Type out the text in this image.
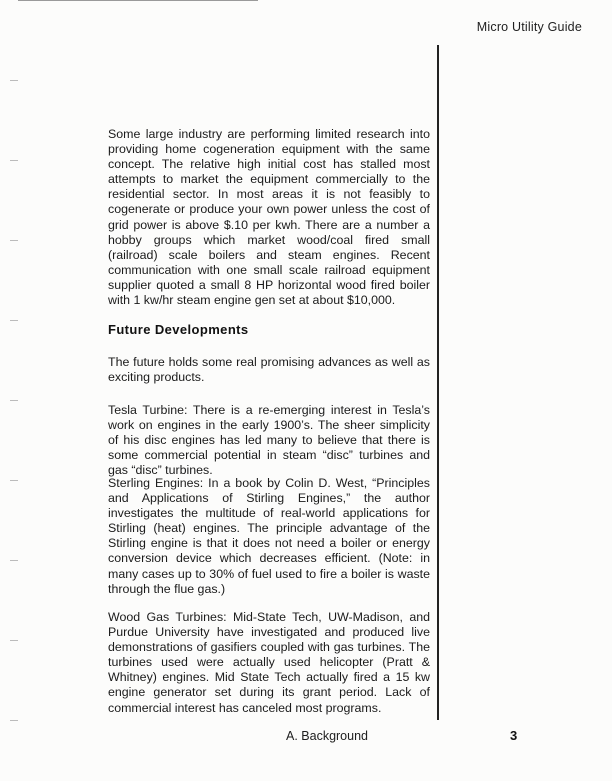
Micro Utility Guide

Some large industry are performing limited research into providing home cogeneration equipment with the same concept. The relative high initial cost has stalled most attempts to market the equipment commercially to the residential sector. In most areas it is not feasibly to cogenerate or produce your own power unless the cost of grid power is above $.10 per kwh. There are a number a hobby groups which market wood/coal fired small (railroad) scale boilers and steam engines. Recent communication with one small scale railroad equipment supplier quoted a small 8 HP horizontal wood fired boiler with 1 kw/hr steam engine gen set at about $10,000.

Future Developments

The future holds some real promising advances as well as exciting products.

Tesla Turbine: There is a re-emerging interest in Tesla’s work on engines in the early 1900’s. The sheer simplicity of his disc engines has led many to believe that there is some commercial potential in steam “disc” turbines and gas “disc” turbines.

Sterling Engines: In a book by Colin D. West, “Principles and Applications of Stirling Engines,” the author investigates the multitude of real-world applications for Stirling (heat) engines. The principle advantage of the Stirling engine is that it does not need a boiler or energy conversion device which decreases efficient. (Note: in many cases up to 30% of fuel used to fire a boiler is waste through the flue gas.)

Wood Gas Turbines: Mid-State Tech, UW-Madison, and Purdue University have investigated and produced live demonstrations of gasifiers coupled with gas turbines. The turbines used were actually used helicopter (Pratt & Whitney) engines. Mid State Tech actually fired a 15 kw engine generator set during its grant period. Lack of commercial interest has canceled most programs.

A. Background	3
